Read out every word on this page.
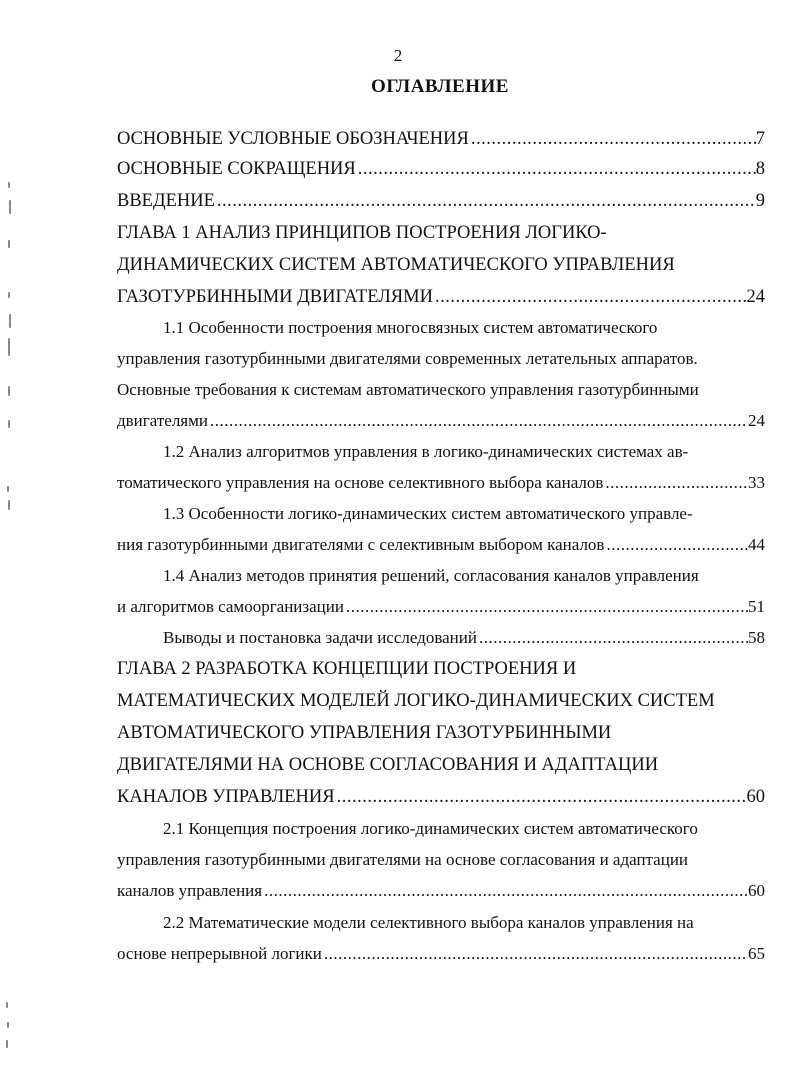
2
ОГЛАВЛЕНИЕ
ОСНОВНЫЕ УСЛОВНЫЕ ОБОЗНАЧЕНИЯ .....	7
ОСНОВНЫЕ СОКРАЩЕНИЯ .....	8
ВВЕДЕНИЕ .....	9
ГЛАВА 1 АНАЛИЗ ПРИНЦИПОВ ПОСТРОЕНИЯ ЛОГИКО-
ДИНАМИЧЕСКИХ СИСТЕМ АВТОМАТИЧЕСКОГО УПРАВЛЕНИЯ
ГАЗОТУРБИННЫМИ ДВИГАТЕЛЯМИ .....	24
1.1 Особенности построения многосвязных систем автоматического
управления газотурбинными двигателями современных летательных аппаратов.
Основные требования к системам автоматического управления газотурбинными
двигателями .....	24
1.2 Анализ алгоритмов управления в логико-динамических системах ав-
томатического управления на основе селективного выбора каналов .....	33
1.3 Особенности логико-динамических систем автоматического управле-
ния газотурбинными двигателями с селективным выбором каналов .....	44
1.4 Анализ методов принятия решений, согласования каналов управления
и алгоритмов самоорганизации .....	51
Выводы и постановка задачи исследований .....	58
ГЛАВА 2 РАЗРАБОТКА КОНЦЕПЦИИ ПОСТРОЕНИЯ И
МАТЕМАТИЧЕСКИХ МОДЕЛЕЙ ЛОГИКО-ДИНАМИЧЕСКИХ СИСТЕМ
АВТОМАТИЧЕСКОГО УПРАВЛЕНИЯ ГАЗОТУРБИННЫМИ
ДВИГАТЕЛЯМИ НА ОСНОВЕ СОГЛАСОВАНИЯ И АДАПТАЦИИ
КАНАЛОВ УПРАВЛЕНИЯ .....	60
2.1 Концепция построения логико-динамических систем автоматического
управления газотурбинными двигателями на основе согласования и адаптации
каналов управления .....	60
2.2 Математические модели селективного выбора каналов управления на
основе непрерывной логики .....	65
